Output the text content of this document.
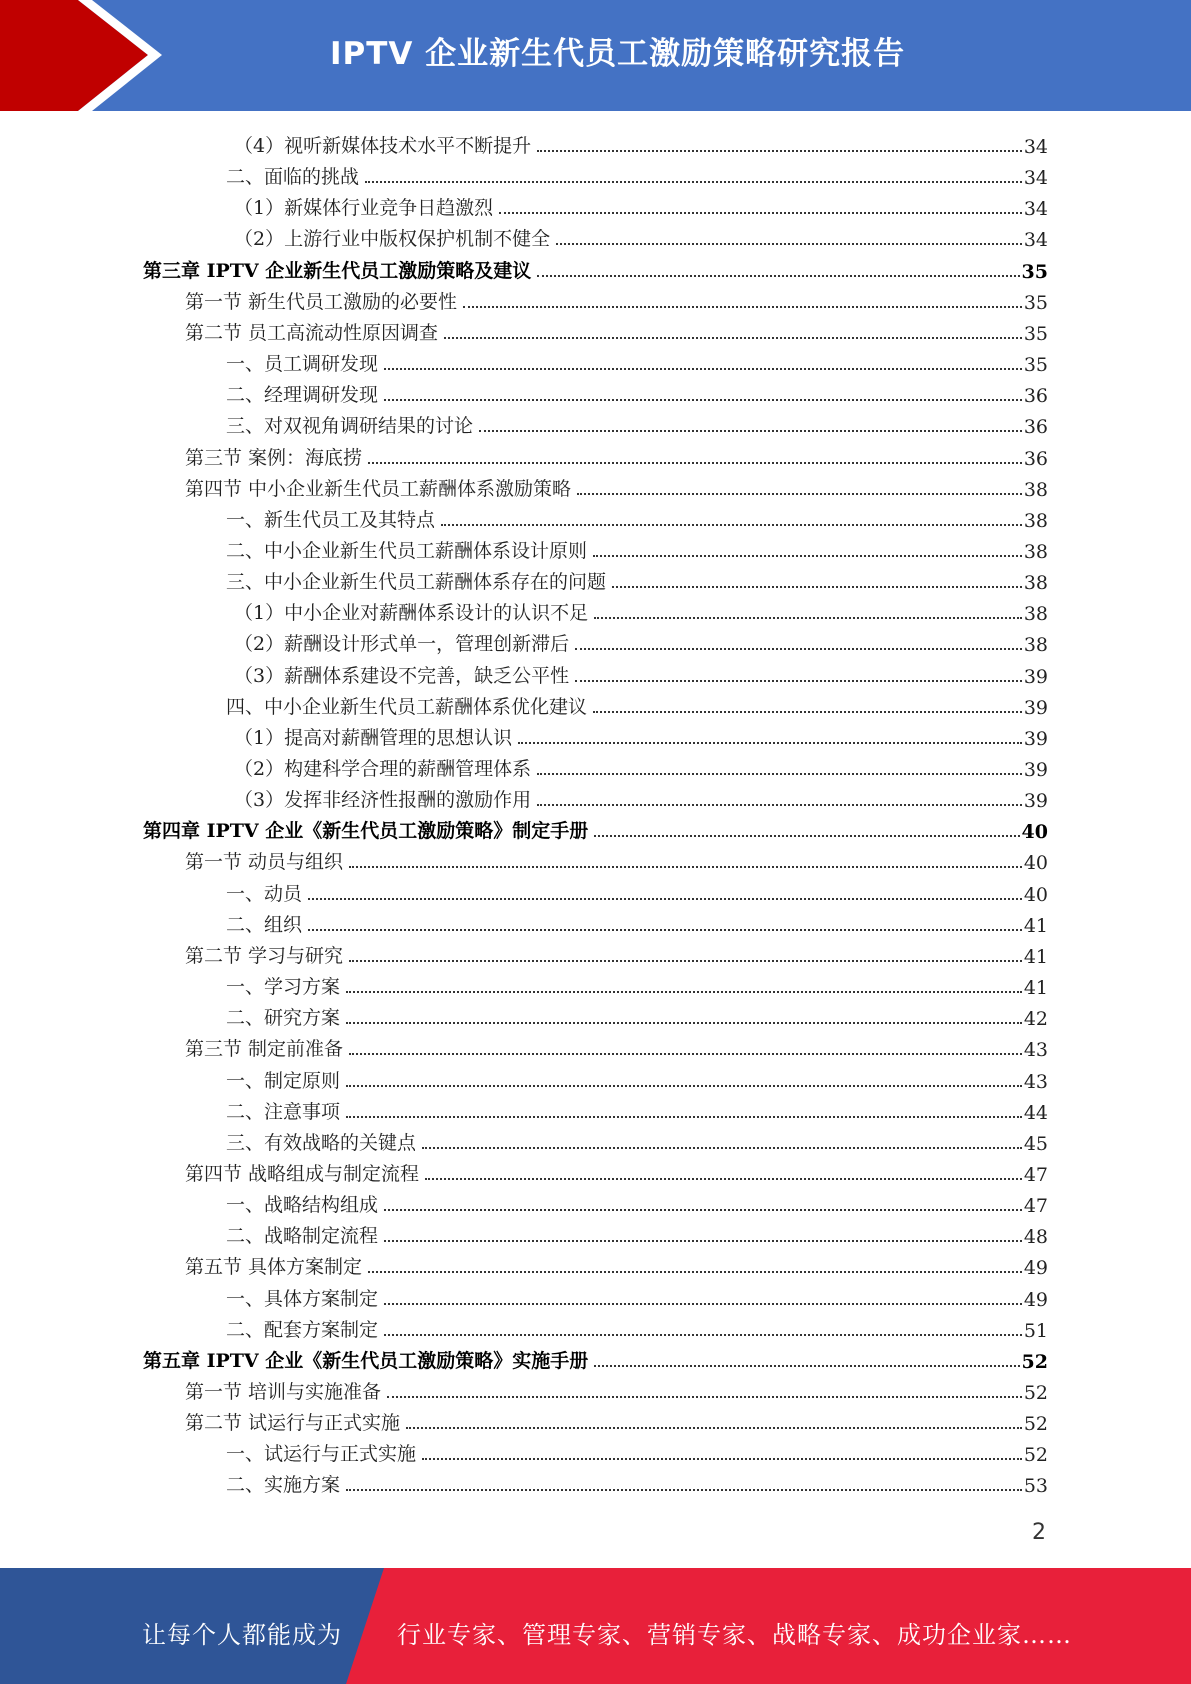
IPTV 企业新生代员工激励策略研究报告
（4）视听新媒体技术水平不断提升	34
二、面临的挑战	34
（1）新媒体行业竞争日趋激烈	34
（2）上游行业中版权保护机制不健全	34
第三章 IPTV 企业新生代员工激励策略及建议	35
第一节 新生代员工激励的必要性	35
第二节 员工高流动性原因调查	35
一、员工调研发现	35
二、经理调研发现	36
三、对双视角调研结果的讨论	36
第三节 案例：海底捞	36
第四节 中小企业新生代员工薪酬体系激励策略	38
一、新生代员工及其特点	38
二、中小企业新生代员工薪酬体系设计原则	38
三、中小企业新生代员工薪酬体系存在的问题	38
（1）中小企业对薪酬体系设计的认识不足	38
（2）薪酬设计形式单一，管理创新滞后	38
（3）薪酬体系建设不完善，缺乏公平性	39
四、中小企业新生代员工薪酬体系优化建议	39
（1）提高对薪酬管理的思想认识	39
（2）构建科学合理的薪酬管理体系	39
（3）发挥非经济性报酬的激励作用	39
第四章 IPTV 企业《新生代员工激励策略》制定手册	40
第一节 动员与组织	40
一、动员	40
二、组织	41
第二节 学习与研究	41
一、学习方案	41
二、研究方案	42
第三节 制定前准备	43
一、制定原则	43
二、注意事项	44
三、有效战略的关键点	45
第四节 战略组成与制定流程	47
一、战略结构组成	47
二、战略制定流程	48
第五节 具体方案制定	49
一、具体方案制定	49
二、配套方案制定	51
第五章 IPTV 企业《新生代员工激励策略》实施手册	52
第一节 培训与实施准备	52
第二节 试运行与正式实施	52
一、试运行与正式实施	52
二、实施方案	53
2
让每个人都能成为 行业专家、管理专家、营销专家、战略专家、成功企业家……
